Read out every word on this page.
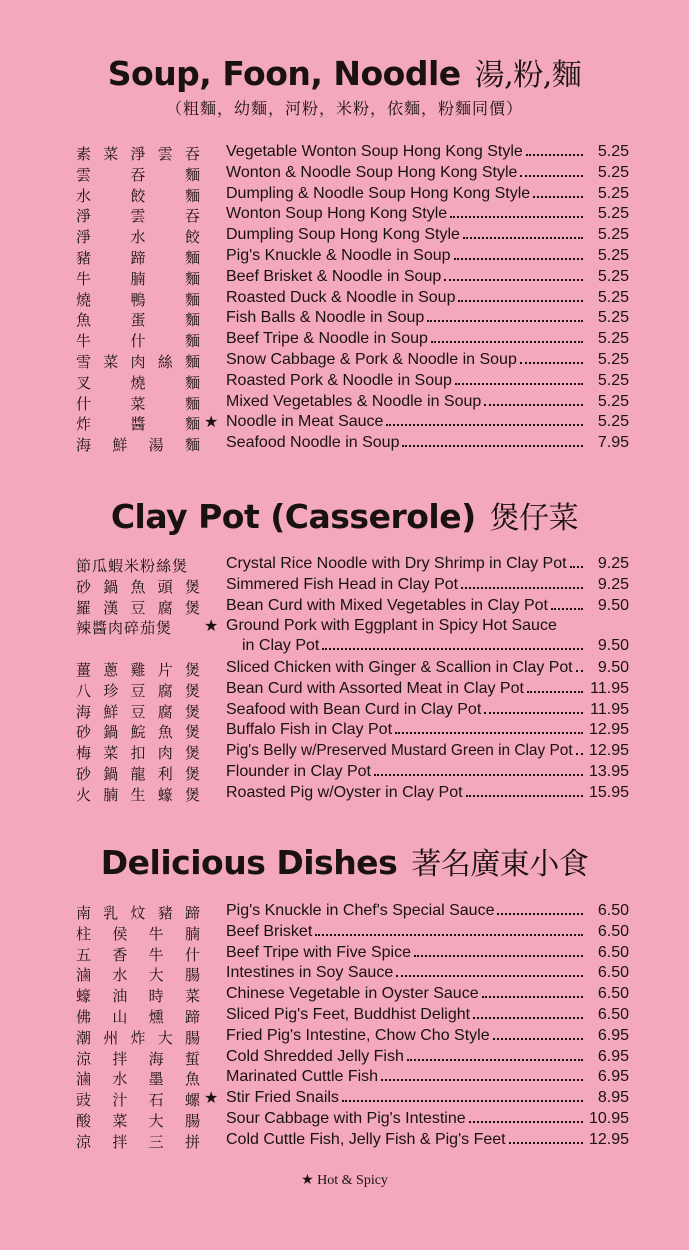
Soup, Foon, Noodle 湯,粉,麵
（粗麵，幼麵，河粉，米粉，依麵，粉麵同價）
素 菜 淨 雲 吞 Vegetable Wonton Soup Hong Kong Style	5.25
雲	吞	麵 Wonton & Noodle Soup Hong Kong Style	5.25
水	餃	麵 Dumpling & Noodle Soup Hong Kong Style	5.25
淨	雲	吞 Wonton Soup Hong Kong Style	5.25
淨	水	餃 Dumpling Soup Hong Kong Style	5.25
豬	蹄	麵 Pig's Knuckle & Noodle in Soup	5.25
牛	腩	麵 Beef Brisket & Noodle in Soup	5.25
燒	鴨	麵 Roasted Duck & Noodle in Soup	5.25
魚	蛋	麵 Fish Balls & Noodle in Soup	5.25
牛	什	麵 Beef Tripe & Noodle in Soup	5.25
雪 菜 肉 絲 麵 Snow Cabbage & Pork & Noodle in Soup	5.25
叉	燒	麵 Roasted Pork & Noodle in Soup	5.25
什	菜	麵 Mixed Vegetables & Noodle in Soup	5.25
炸	醬	麵 ★ Noodle in Meat Sauce	5.25
海 鮮 湯 麵 Seafood Noodle in Soup	7.95
Clay Pot (Casserole) 煲仔菜
節 瓜 蝦 米 粉 絲 煲 Crystal Rice Noodle with Dry Shrimp in Clay Pot	9.25
砂 鍋 魚 頭 煲 Simmered Fish Head in Clay Pot	9.25
羅 漢 豆 腐 煲 Bean Curd with Mixed Vegetables in Clay Pot	9.50
辣 醬 肉 碎 茄 煲 ★ Ground Pork with Eggplant in Spicy Hot Sauce
in Clay Pot	9.50
薑 蔥 雞 片 煲 Sliced Chicken with Ginger & Scallion in Clay Pot	9.50
八 珍 豆 腐 煲 Bean Curd with Assorted Meat in Clay Pot	11.95
海 鮮 豆 腐 煲 Seafood with Bean Curd in Clay Pot	11.95
砂 鍋 鯇 魚 煲 Buffalo Fish in Clay Pot	12.95
梅 菜 扣 肉 煲 Pig's Belly w/Preserved Mustard Green in Clay Pot 12.95
砂 鍋 龍 利 煲 Flounder in Clay Pot	13.95
火 腩 生 蠔 煲 Roasted Pig w/Oyster in Clay Pot	15.95
Delicious Dishes 著名廣東小食
南 乳 炆 豬 蹄 Pig's Knuckle in Chef's Special Sauce	6.50
柱 侯 牛 腩 Beef Brisket	6.50
五 香 牛 什 Beef Tripe with Five Spice	6.50
滷 水 大 腸 Intestines in Soy Sauce	6.50
蠔 油 時 菜 Chinese Vegetable in Oyster Sauce	6.50
佛 山 燻 蹄 Sliced Pig's Feet, Buddhist Delight	6.50
潮 州 炸 大 腸 Fried Pig's Intestine, Chow Cho Style	6.95
涼 拌 海 蜇 Cold Shredded Jelly Fish	6.95
滷 水 墨 魚 Marinated Cuttle Fish	6.95
豉 汁 石 螺 ★ Stir Fried Snails	8.95
酸 菜 大 腸 Sour Cabbage with Pig's Intestine	10.95
涼 拌 三 拼 Cold Cuttle Fish, Jelly Fish & Pig's Feet	12.95
★ Hot & Spicy
